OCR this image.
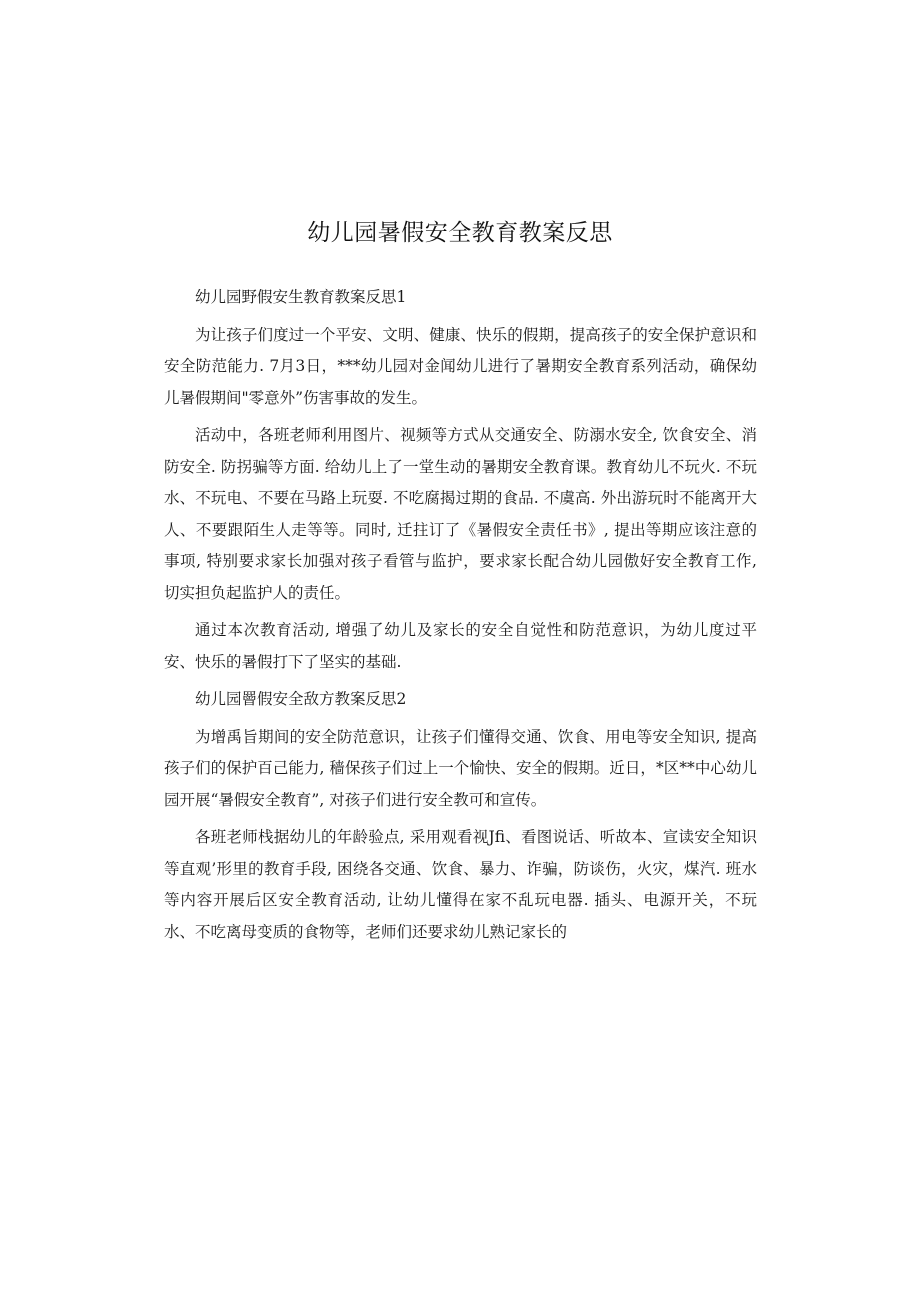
幼儿园暑假安全教育教案反思
幼儿园野假安生教育教案反思1

为让孩子们度过一个平安、文明、健康、快乐的假期，提高孩子的安全保护意识和安全防范能力. 7月3日，***幼儿园对金闻幼儿进行了暑期安全教育系列活动，确保幼儿暑假期间"零意外”伤害事故的发生。

活动中，各班老师利用图片、视频等方式从交通安全、防溺水安全, 饮食安全、消防安全. 防拐骗等方面. 给幼儿上了一堂生动的暑期安全教育课。教育幼儿不玩火. 不玩水、不玩电、不要在马路上玩耍. 不吃腐揭过期的食品. 不虞高. 外出游玩时不能离开大人、不要跟陌生人走等等。同时, 迁拄订了《暑假安全责任书》, 提出等期应该注意的事项, 特别要求家长加强对孩子看管与监护，要求家长配合幼儿园傲好安全教育工作, 切实担负起监护人的责任。

通过本次教育活动, 增强了幼儿及家长的安全自觉性和防范意识，为幼儿度过平安、快乐的暑假打下了坚实的基础.

幼儿园罾假安全敌方教案反思2

为增禹旨期间的安全防范意识，让孩子们懂得交通、饮食、用电等安全知识, 提高孩子们的保护百己能力, 穑保孩子们过上一个愉快、安全的假期。近日，*区**中心幼儿园开展“暑假安全教育”, 对孩子们进行安全教可和宣传。

各班老师栈据幼儿的年龄验点, 采用观看视Jfi、看图说话、听故本、宣读安全知识等直观’形里的教育手段, 困绕各交通、饮食、暴力、诈骗，防谈伤，火灾，煤汽. 班水等内容开展后区安全教育活动, 让幼儿懂得在家不乱玩电器. 插头、电源开关，不玩水、不吃离母变质的食物等，老师们还要求幼儿熟记家长的
